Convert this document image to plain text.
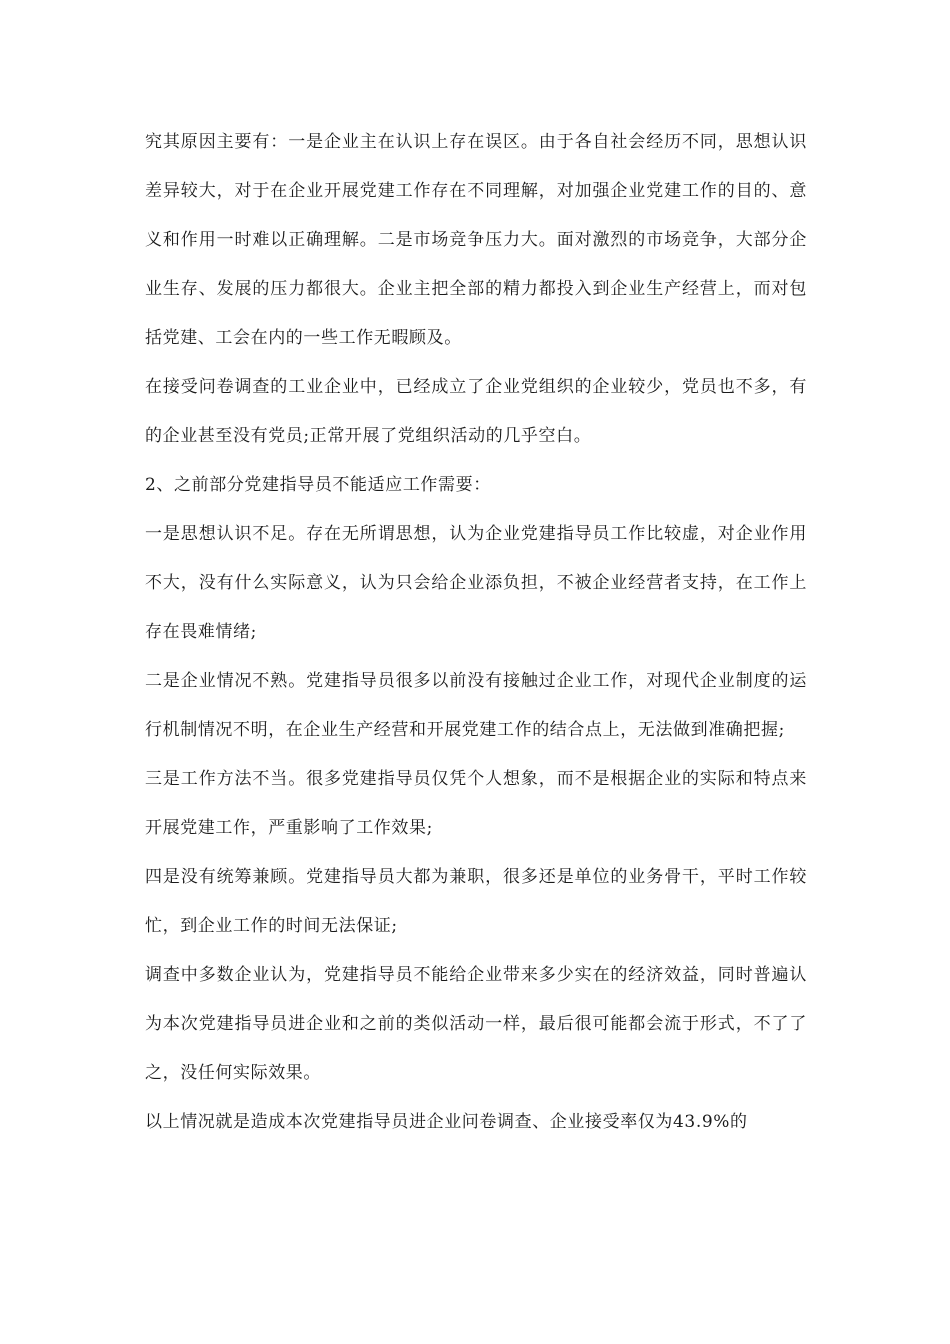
究其原因主要有：一是企业主在认识上存在误区。由于各自社会经历不同，思想认识差异较大，对于在企业开展党建工作存在不同理解，对加强企业党建工作的目的、意义和作用一时难以正确理解。二是市场竞争压力大。面对激烈的市场竞争，大部分企业生存、发展的压力都很大。企业主把全部的精力都投入到企业生产经营上，而对包括党建、工会在内的一些工作无暇顾及。

在接受问卷调查的工业企业中，已经成立了企业党组织的企业较少，党员也不多，有的企业甚至没有党员;正常开展了党组织活动的几乎空白。

2、之前部分党建指导员不能适应工作需要：

一是思想认识不足。存在无所谓思想，认为企业党建指导员工作比较虚，对企业作用不大，没有什么实际意义，认为只会给企业添负担，不被企业经营者支持，在工作上存在畏难情绪;

二是企业情况不熟。党建指导员很多以前没有接触过企业工作，对现代企业制度的运行机制情况不明，在企业生产经营和开展党建工作的结合点上，无法做到准确把握;

三是工作方法不当。很多党建指导员仅凭个人想象，而不是根据企业的实际和特点来开展党建工作，严重影响了工作效果;

四是没有统筹兼顾。党建指导员大都为兼职，很多还是单位的业务骨干，平时工作较忙，到企业工作的时间无法保证;

调查中多数企业认为，党建指导员不能给企业带来多少实在的经济效益，同时普遍认为本次党建指导员进企业和之前的类似活动一样，最后很可能都会流于形式，不了了之，没任何实际效果。

以上情况就是造成本次党建指导员进企业问卷调查、企业接受率仅为43.9%的
